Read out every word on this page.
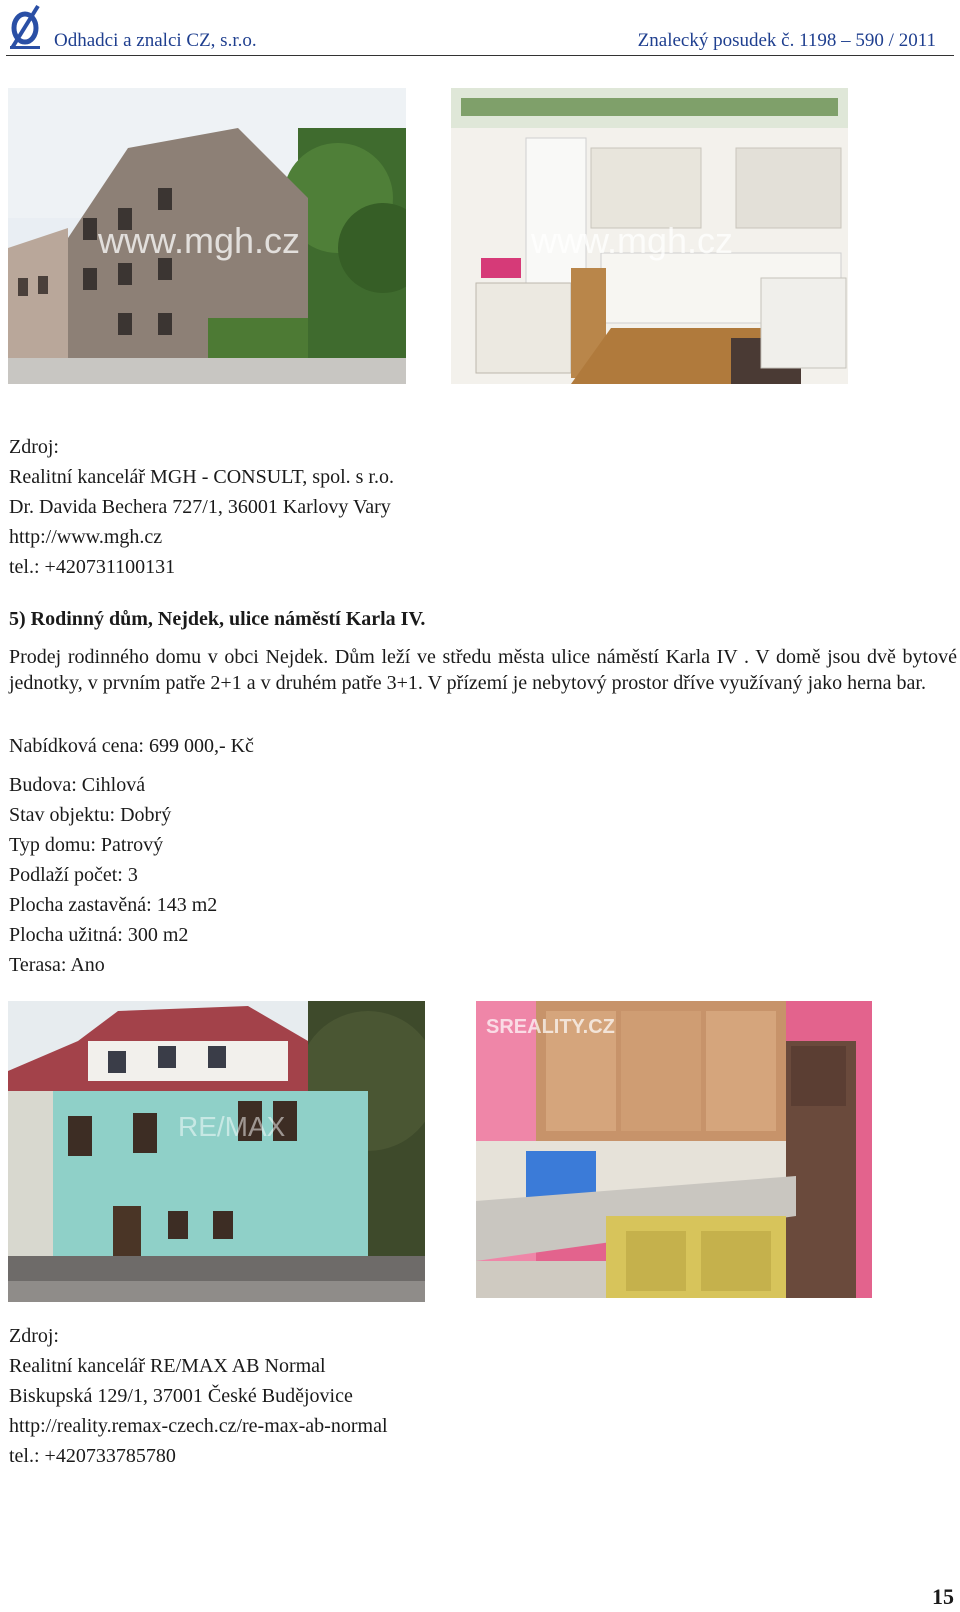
Odhadci a znalci CZ, s.r.o.	Znalecký posudek č. 1198 – 590 / 2011
www.mgh.cz	www.mgh.cz
Zdroj:
Realitní kancelář MGH - CONSULT, spol. s r.o.
Dr. Davida Bechera 727/1, 36001 Karlovy Vary
http://www.mgh.cz
tel.: +420731100131
5) Rodinný dům, Nejdek, ulice náměstí Karla IV.
Prodej rodinného domu v obci Nejdek. Dům leží ve středu města ulice náměstí Karla IV . V domě jsou dvě bytové jednotky, v prvním patře 2+1 a v druhém patře 3+1. V přízemí je nebytový prostor dříve využívaný jako herna bar.
Nabídková cena: 699 000,- Kč
Budova: Cihlová
Stav objektu: Dobrý
Typ domu: Patrový
Podlaží počet: 3
Plocha zastavěná: 143 m2
Plocha užitná: 300 m2
Terasa: Ano
RE/MAX
SREALITY.CZ
Zdroj:
Realitní kancelář RE/MAX AB Normal
Biskupská 129/1, 37001 České Budějovice
http://reality.remax-czech.cz/re-max-ab-normal
tel.: +420733785780
15
